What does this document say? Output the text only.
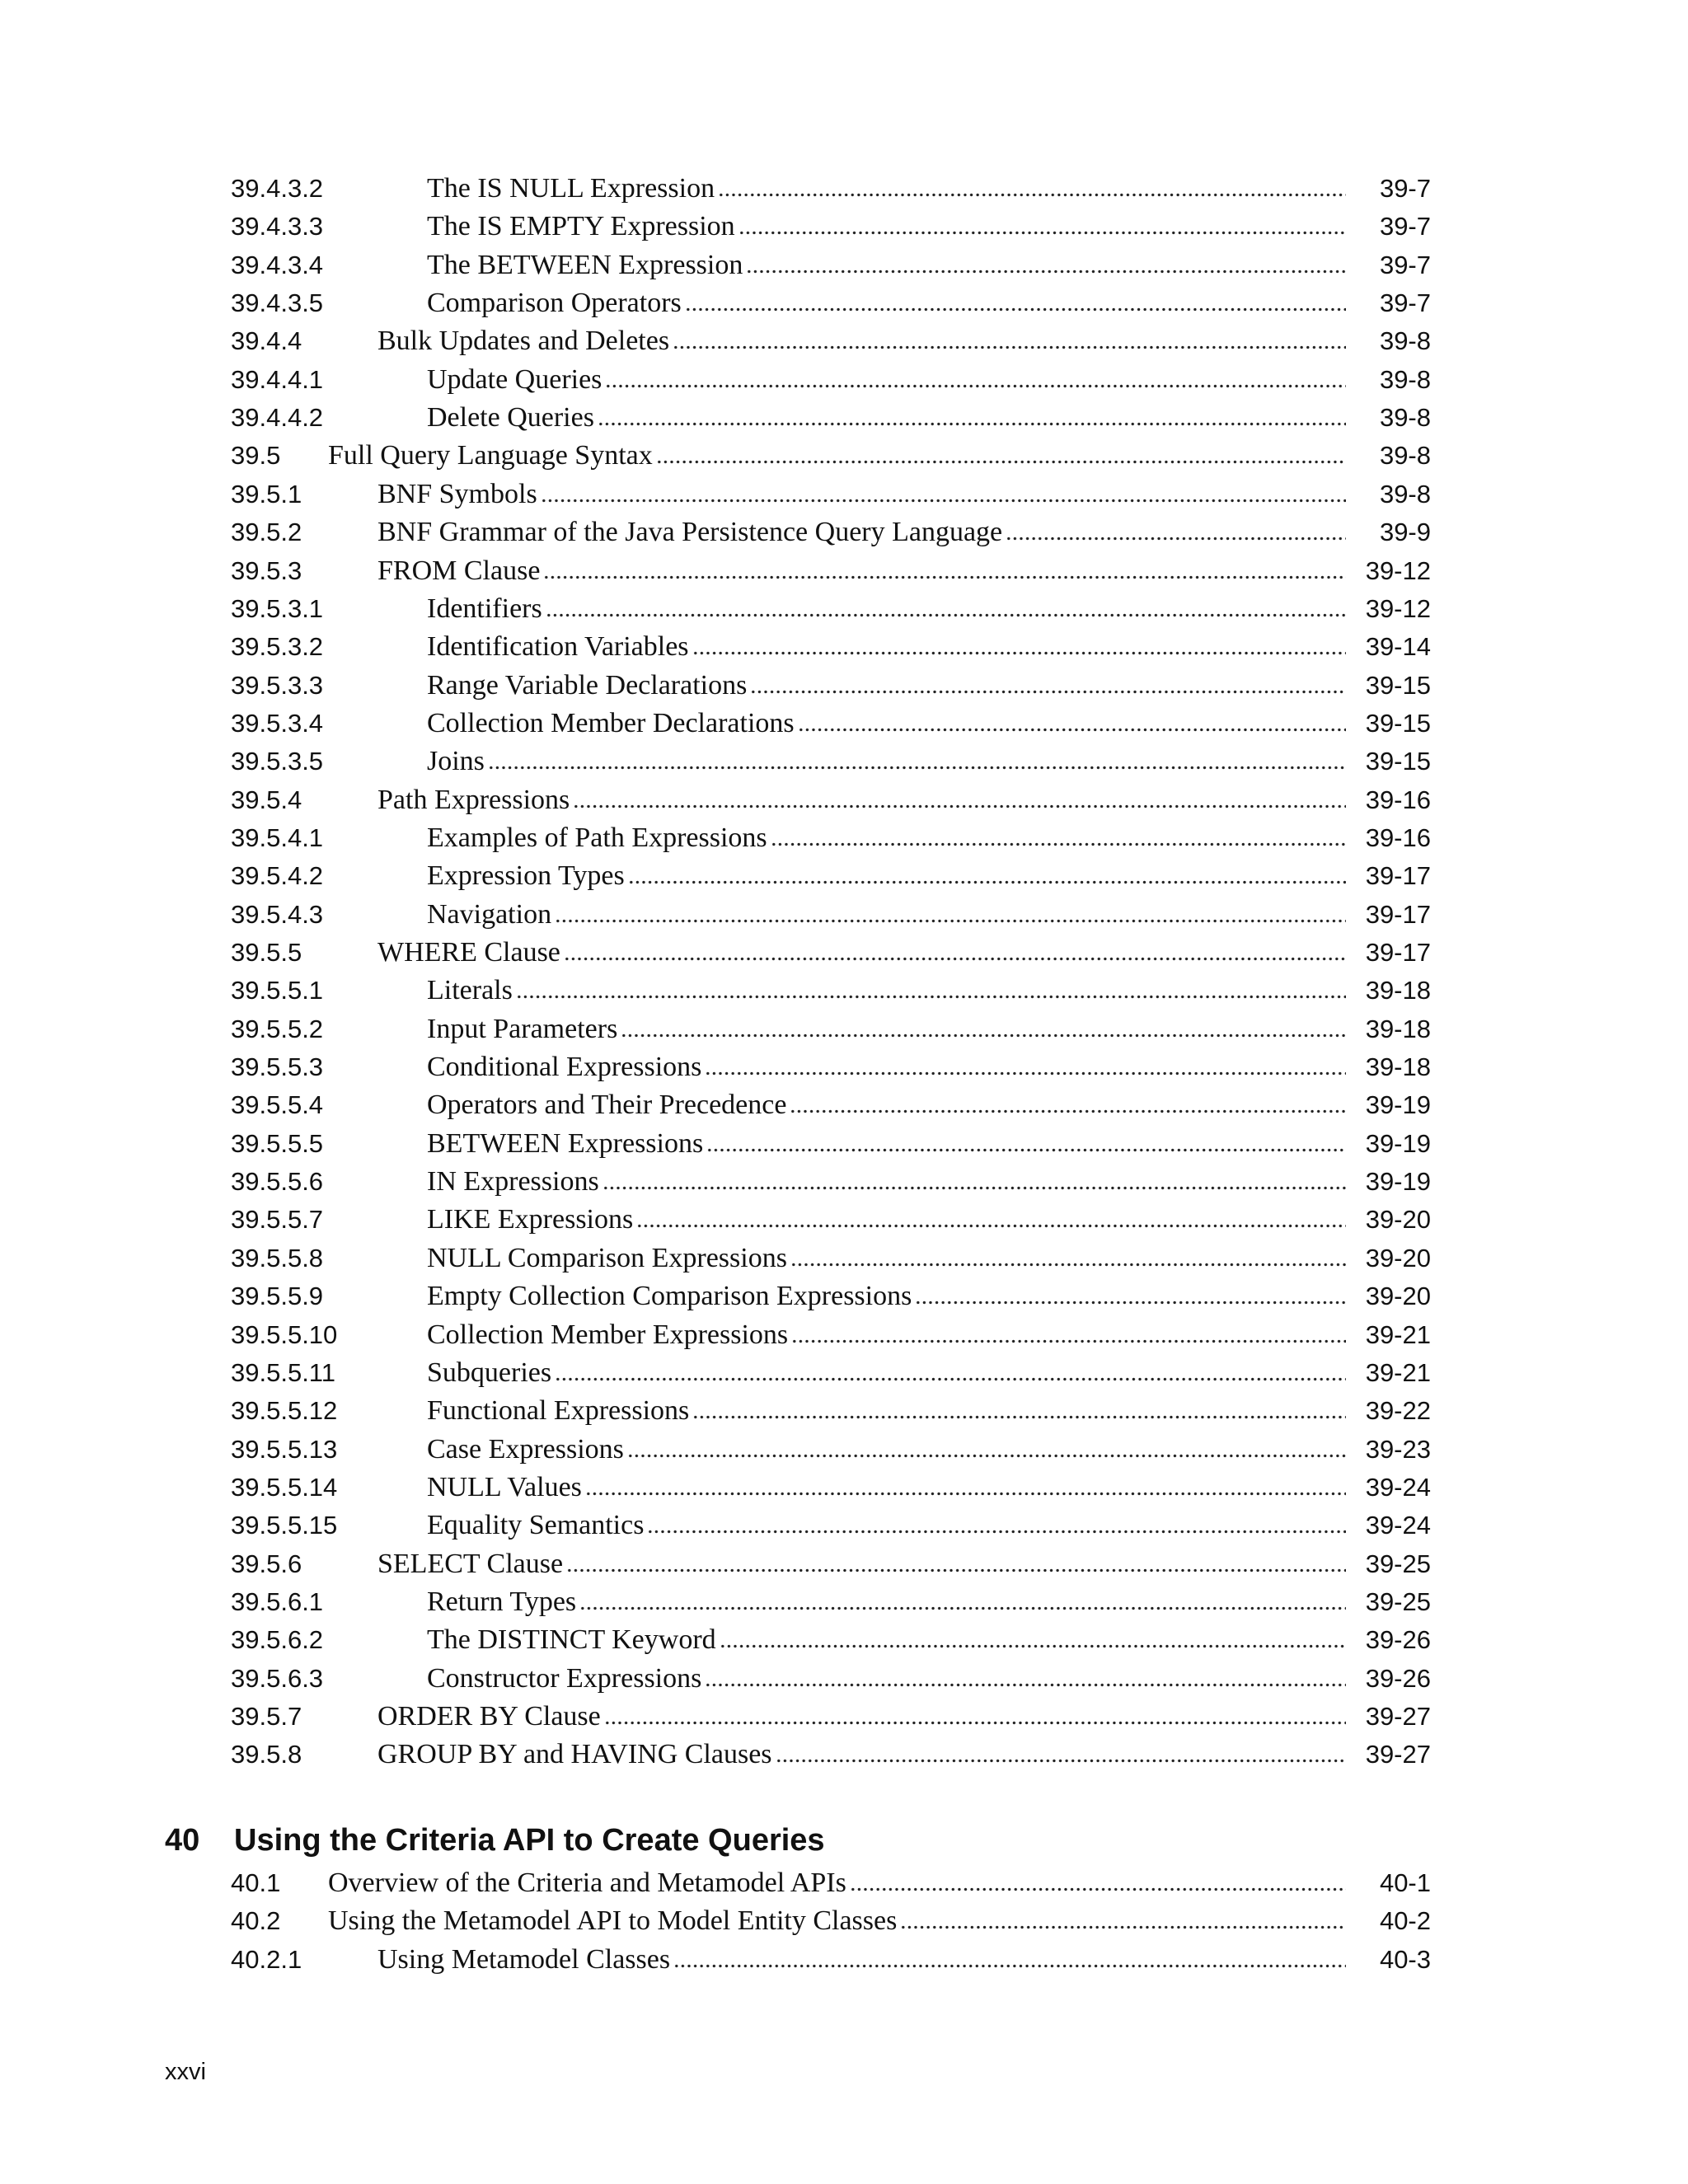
39.4.3.2	The IS NULL Expression	39-7
39.4.3.3	The IS EMPTY Expression	39-7
39.4.3.4	The BETWEEN Expression	39-7
39.4.3.5	Comparison Operators	39-7
39.4.4	Bulk Updates and Deletes	39-8
39.4.4.1	Update Queries	39-8
39.4.4.2	Delete Queries	39-8
39.5 Full Query Language Syntax	39-8
39.5.1	BNF Symbols	39-8
39.5.2	BNF Grammar of the Java Persistence Query Language	39-9
39.5.3	FROM Clause	39-12
39.5.3.1	Identifiers	39-12
39.5.3.2	Identification Variables	39-14
39.5.3.3	Range Variable Declarations	39-15
39.5.3.4	Collection Member Declarations	39-15
39.5.3.5	Joins	39-15
39.5.4	Path Expressions	39-16
39.5.4.1	Examples of Path Expressions	39-16
39.5.4.2	Expression Types	39-17
39.5.4.3	Navigation	39-17
39.5.5	WHERE Clause	39-17
39.5.5.1	Literals	39-18
39.5.5.2	Input Parameters	39-18
39.5.5.3	Conditional Expressions	39-18
39.5.5.4	Operators and Their Precedence	39-19
39.5.5.5	BETWEEN Expressions	39-19
39.5.5.6	IN Expressions	39-19
39.5.5.7	LIKE Expressions	39-20
39.5.5.8	NULL Comparison Expressions	39-20
39.5.5.9	Empty Collection Comparison Expressions	39-20
39.5.5.10	Collection Member Expressions	39-21
39.5.5.11	Subqueries	39-21
39.5.5.12	Functional Expressions	39-22
39.5.5.13	Case Expressions	39-23
39.5.5.14	NULL Values	39-24
39.5.5.15	Equality Semantics	39-24
39.5.6	SELECT Clause	39-25
39.5.6.1	Return Types	39-25
39.5.6.2	The DISTINCT Keyword	39-26
39.5.6.3	Constructor Expressions	39-26
39.5.7	ORDER BY Clause	39-27
39.5.8	GROUP BY and HAVING Clauses	39-27
40 Using the Criteria API to Create Queries
40.1 Overview of the Criteria and Metamodel APIs	40-1
40.2 Using the Metamodel API to Model Entity Classes	40-2
40.2.1	Using Metamodel Classes	40-3
xxvi
